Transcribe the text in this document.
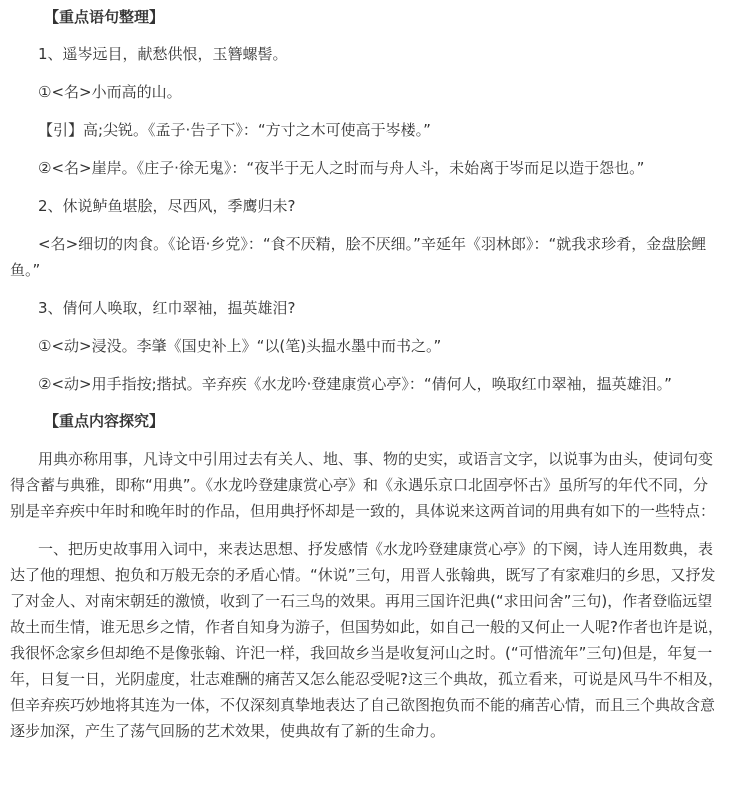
【重点语句整理】

1、遥岑远目，献愁供恨，玉簪螺髻。

①<名>小而高的山。

【引】高;尖锐。《孟子·告子下》：“方寸之木可使高于岑楼。”

②<名>崖岸。《庄子·徐无鬼》：“夜半于无人之时而与舟人斗，未始离于岑而足以造于怨也。”

2、休说鲈鱼堪脍，尽西风，季鹰归未?

<名>细切的肉食。《论语·乡党》：“食不厌精，脍不厌细。”辛延年《羽林郎》：“就我求珍肴，金盘脍鲤鱼。”

3、倩何人唤取，红巾翠袖，揾英雄泪?

①<动>浸没。李肇《国史补上》“以(笔)头揾水墨中而书之。”

②<动>用手指按;揩拭。辛弃疾《水龙吟·登建康赏心亭》：“倩何人，唤取红巾翠袖，揾英雄泪。”

【重点内容探究】

用典亦称用事，凡诗文中引用过去有关人、地、事、物的史实，或语言文字，以说事为由头，使词句变得含蓄与典雅，即称“用典”。《水龙吟登建康赏心亭》和《永遇乐京口北固亭怀古》虽所写的年代不同，分别是辛弃疾中年时和晚年时的作品，但用典抒怀却是一致的，具体说来这两首词的用典有如下的一些特点：

一、把历史故事用入词中，来表达思想、抒发感情《水龙吟登建康赏心亭》的下阕，诗人连用数典，表达了他的理想、抱负和万般无奈的矛盾心情。“休说”三句，用晋人张翰典，既写了有家难归的乡思，又抒发了对金人、对南宋朝廷的激愤，收到了一石三鸟的效果。再用三国许汜典(“求田问舍”三句)，作者登临远望故土而生情，谁无思乡之情，作者自知身为游子，但国势如此，如自己一般的又何止一人呢?作者也许是说，我很怀念家乡但却绝不是像张翰、许汜一样，我回故乡当是收复河山之时。(“可惜流年”三句)但是，年复一年，日复一日，光阴虚度，壮志难酬的痛苦又怎么能忍受呢?这三个典故，孤立看来，可说是风马牛不相及，但辛弃疾巧妙地将其连为一体，不仅深刻真挚地表达了自己欲图抱负而不能的痛苦心情，而且三个典故含意逐步加深，产生了荡气回肠的艺术效果，使典故有了新的生命力。
